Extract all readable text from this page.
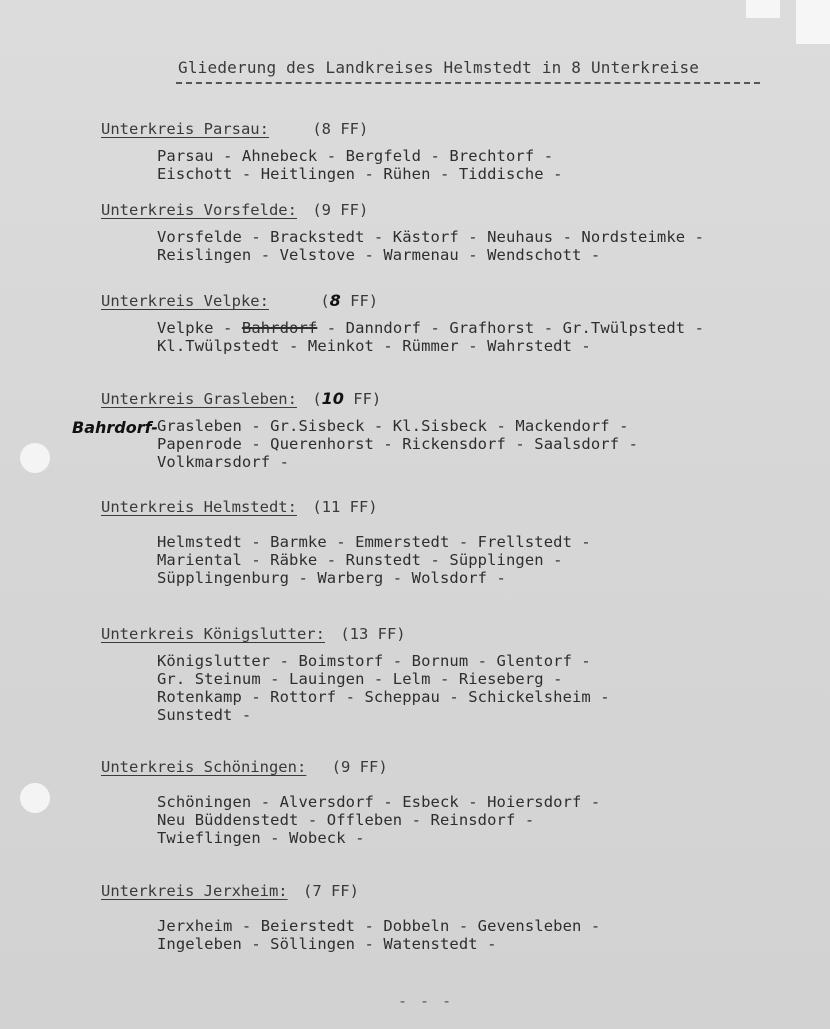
Gliederung des Landkreises Helmstedt in 8 Unterkreise
Unterkreis Parsau:	(8 FF)
Parsau - Ahnebeck - Bergfeld - Brechtorf -
Eischott - Heitlingen - Rühen - Tiddische -
Unterkreis Vorsfelde: (9 FF)
Vorsfelde - Brackstedt - Kästorf - Neuhaus - Nordsteimke -
Reislingen - Velstove - Warmenau - Wendschott -
Unterkreis Velpke:	(8 FF)
Velpke - Bahrdorf - Danndorf - Grafhorst - Gr.Twülpstedt -
Kl.Twülpstedt - Meinkot - Rümmer - Wahrstedt -
Unterkreis Grasleben: (10 FF)
Grasleben - Gr.Sisbeck - Kl.Sisbeck - Mackendorf -
Papenrode - Querenhorst - Rickensdorf - Saalsdorf -
Volkmarsdorf -
Bahrdorf-
Unterkreis Helmstedt: (11 FF)
Helmstedt - Barmke - Emmerstedt - Frellstedt -
Mariental - Räbke - Runstedt - Süpplingen -
Süpplingenburg - Warberg - Wolsdorf -
Unterkreis Königslutter: (13 FF)
Königslutter - Boimstorf - Bornum - Glentorf -
Gr. Steinum - Lauingen - Lelm - Rieseberg -
Rotenkamp - Rottorf - Scheppau - Schickelsheim -
Sunstedt -
Unterkreis Schöningen: (9 FF)
Schöningen - Alversdorf - Esbeck - Hoiersdorf -
Neu Büddenstedt - Offleben - Reinsdorf -
Twieflingen - Wobeck -
Unterkreis Jerxheim: (7 FF)
Jerxheim - Beierstedt - Dobbeln - Gevensleben -
Ingeleben - Söllingen - Watenstedt -
- - -
